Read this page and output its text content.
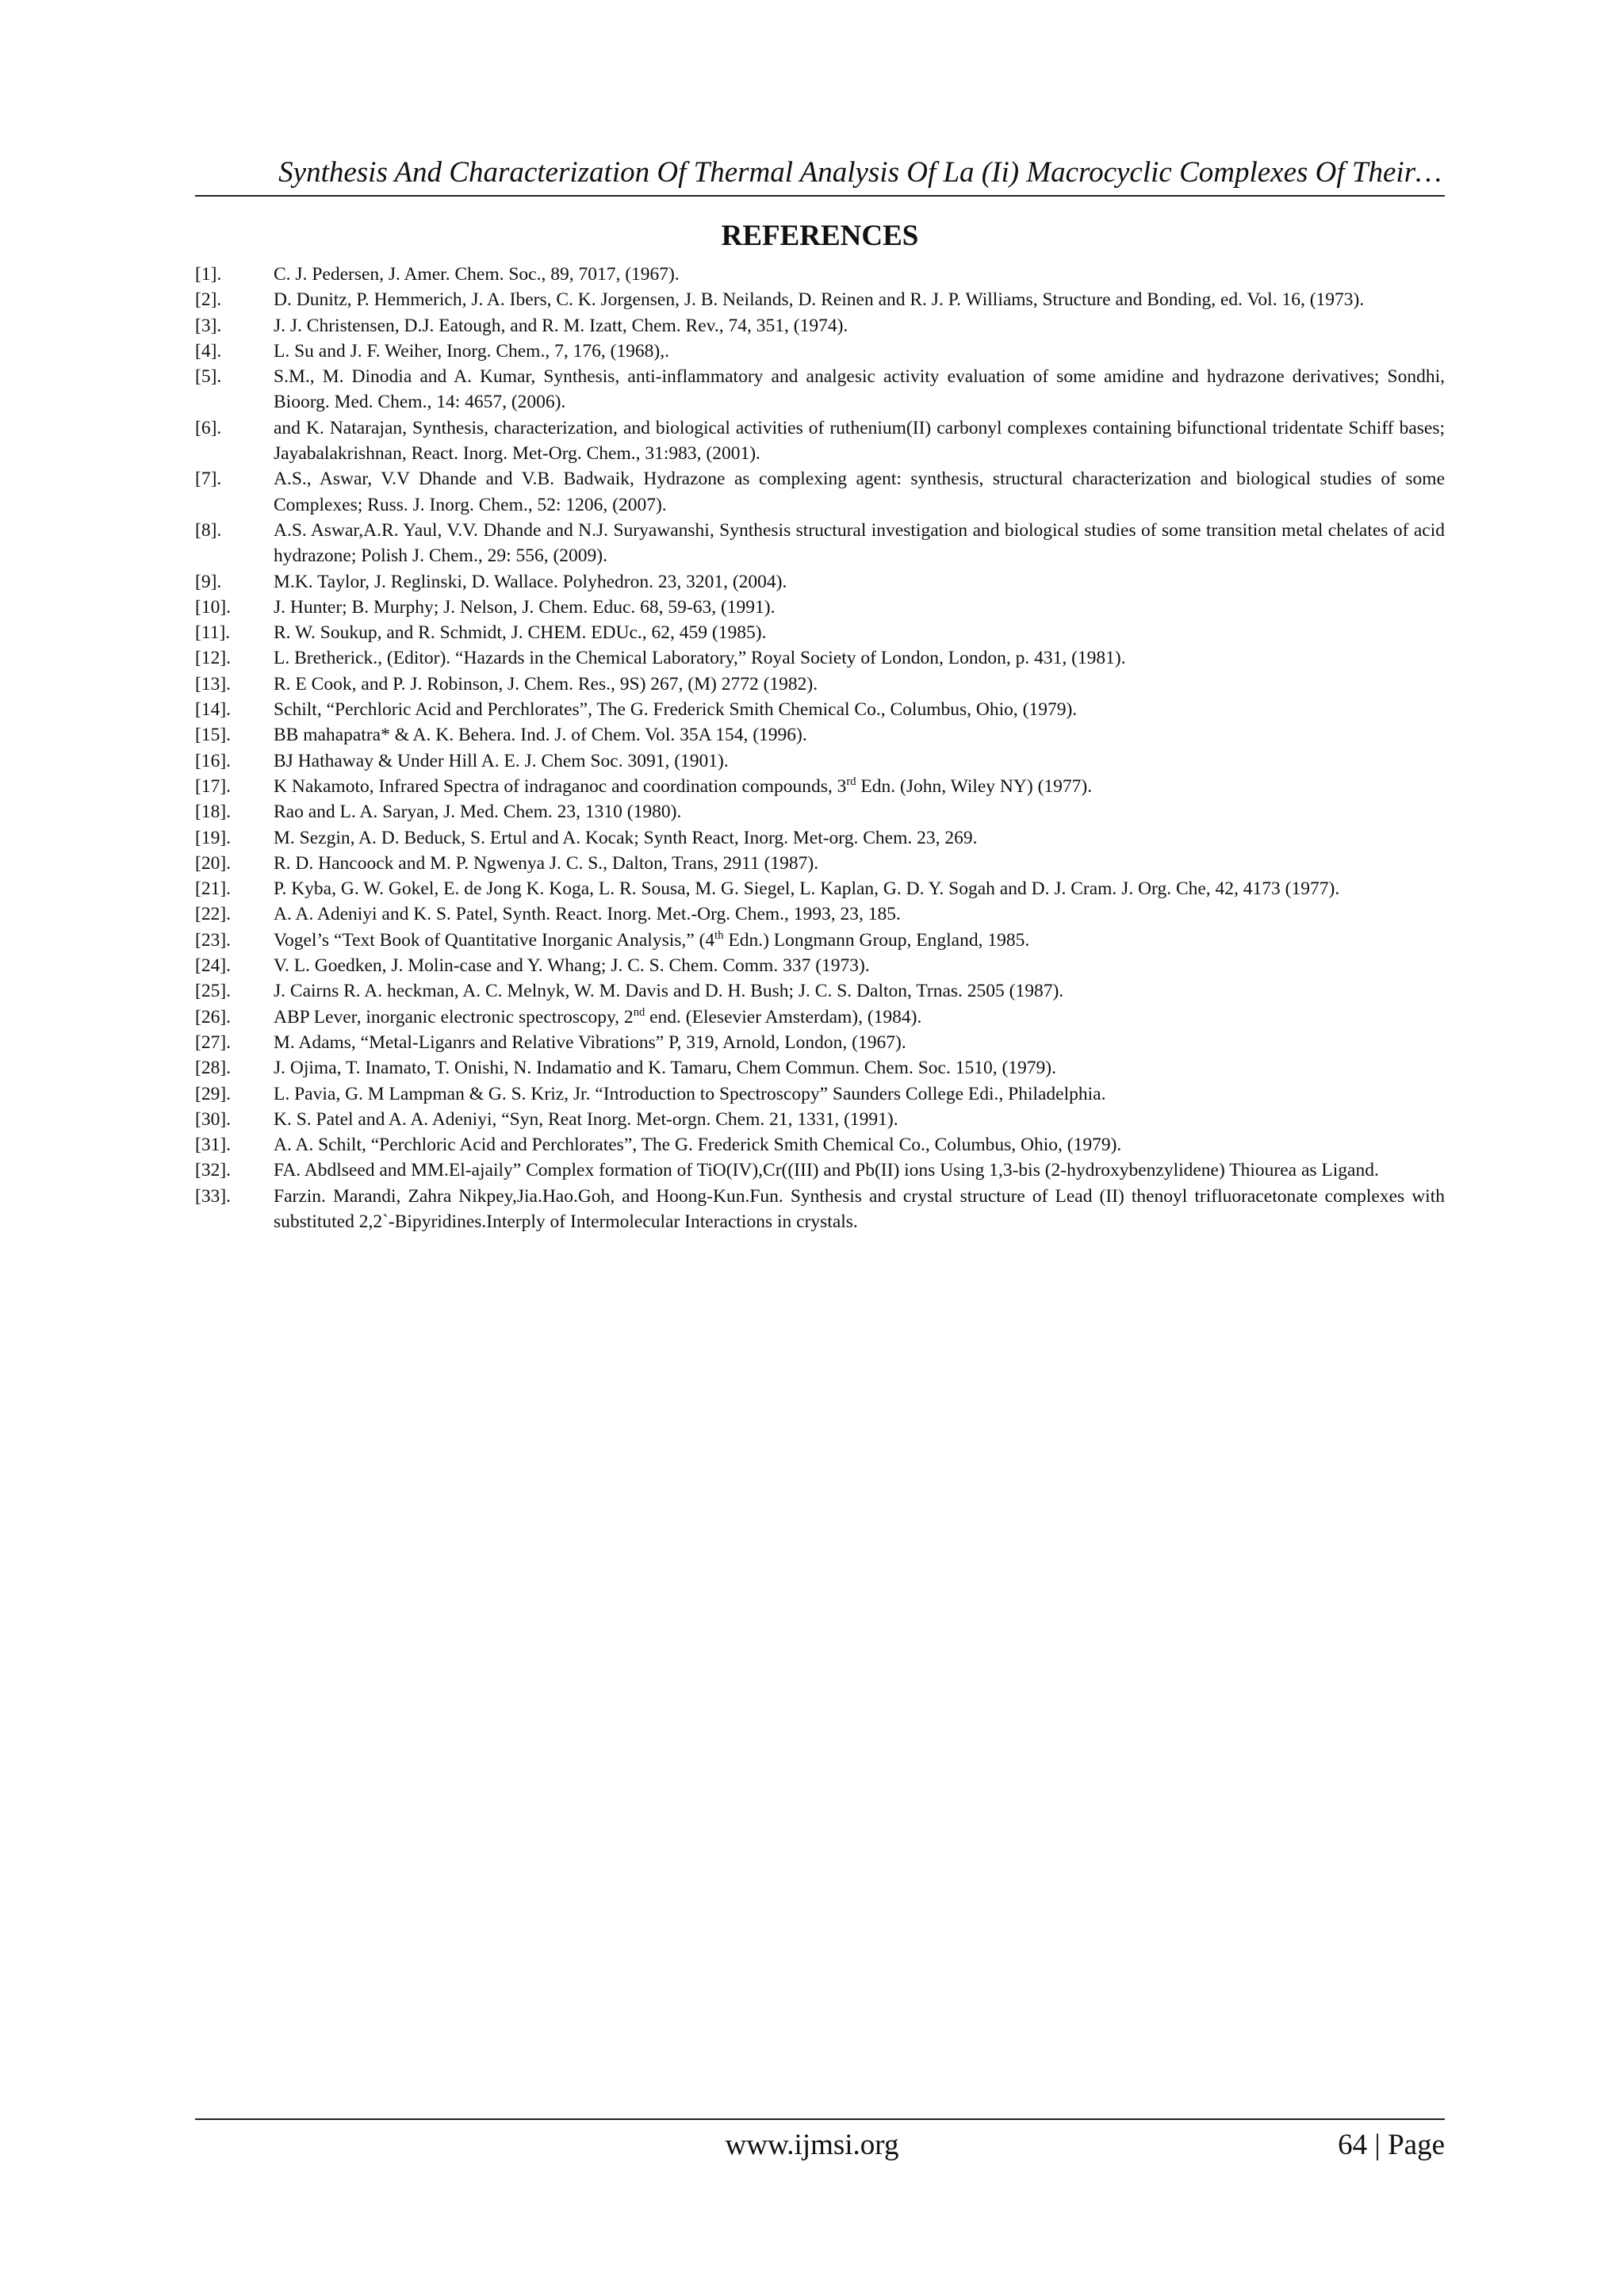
Synthesis And Characterization Of Thermal Analysis Of La (Ii) Macrocyclic Complexes Of Their…
REFERENCES
[1].	C. J. Pedersen, J. Amer. Chem. Soc., 89, 7017, (1967).
[2].	D. Dunitz, P. Hemmerich, J. A. Ibers, C. K. Jorgensen, J. B. Neilands, D. Reinen and R. J. P. Williams, Structure and Bonding, ed. Vol. 16, (1973).
[3].	J. J. Christensen, D.J. Eatough, and R. M. Izatt, Chem. Rev., 74, 351, (1974).
[4].	L. Su and J. F. Weiher, Inorg. Chem., 7, 176, (1968),.
[5].	S.M., M. Dinodia and A. Kumar, Synthesis, anti-inflammatory and analgesic activity evaluation of some amidine and hydrazone derivatives; Sondhi, Bioorg. Med. Chem., 14: 4657, (2006).
[6].	and K. Natarajan, Synthesis, characterization, and biological activities of ruthenium(II) carbonyl complexes containing bifunctional tridentate Schiff bases; Jayabalakrishnan, React. Inorg. Met-Org. Chem., 31:983, (2001).
[7].	A.S., Aswar, V.V Dhande and V.B. Badwaik, Hydrazone as complexing agent: synthesis, structural characterization and biological studies of some Complexes; Russ. J. Inorg. Chem., 52: 1206, (2007).
[8].	A.S. Aswar,A.R. Yaul, V.V. Dhande and N.J. Suryawanshi, Synthesis structural investigation and biological studies of some transition metal chelates of acid hydrazone; Polish J. Chem., 29: 556, (2009).
[9].	M.K. Taylor, J. Reglinski, D. Wallace. Polyhedron. 23, 3201, (2004).
[10]. J. Hunter; B. Murphy; J. Nelson, J. Chem. Educ. 68, 59-63, (1991).
[11]. R. W. Soukup, and R. Schmidt, J. CHEM. EDUc., 62, 459 (1985).
[12]. L. Bretherick., (Editor). “Hazards in the Chemical Laboratory,” Royal Society of London, London, p. 431, (1981).
[13]. R. E Cook, and P. J. Robinson, J. Chem. Res., 9S) 267, (M) 2772 (1982).
[14]. Schilt, “Perchloric Acid and Perchlorates”, The G. Frederick Smith Chemical Co., Columbus, Ohio, (1979).
[15]. BB mahapatra* & A. K. Behera. Ind. J. of Chem. Vol. 35A 154, (1996).
[16]. BJ Hathaway & Under Hill A. E. J. Chem Soc. 3091, (1901).
[17]. K Nakamoto, Infrared Spectra of indraganoc and coordination compounds, 3rd Edn. (John, Wiley NY) (1977).
[18]. Rao and L. A. Saryan, J. Med. Chem. 23, 1310 (1980).
[19]. M. Sezgin, A. D. Beduck, S. Ertul and A. Kocak; Synth React, Inorg. Met-org. Chem. 23, 269.
[20]. R. D. Hancoock and M. P. Ngwenya J. C. S., Dalton, Trans, 2911 (1987).
[21]. P. Kyba, G. W. Gokel, E. de Jong K. Koga, L. R. Sousa, M. G. Siegel, L. Kaplan, G. D. Y. Sogah and D. J. Cram. J. Org. Che, 42, 4173 (1977).
[22]. A. A. Adeniyi and K. S. Patel, Synth. React. Inorg. Met.-Org. Chem., 1993, 23, 185.
[23]. Vogel’s “Text Book of Quantitative Inorganic Analysis,” (4th Edn.) Longmann Group, England, 1985.
[24]. V. L. Goedken, J. Molin-case and Y. Whang; J. C. S. Chem. Comm. 337 (1973).
[25]. J. Cairns R. A. heckman, A. C. Melnyk, W. M. Davis and D. H. Bush; J. C. S. Dalton, Trnas. 2505 (1987).
[26]. ABP Lever, inorganic electronic spectroscopy, 2nd end. (Elesevier Amsterdam), (1984).
[27]. M. Adams, “Metal-Liganrs and Relative Vibrations” P, 319, Arnold, London, (1967).
[28]. J. Ojima, T. Inamato, T. Onishi, N. Indamatio and K. Tamaru, Chem Commun. Chem. Soc. 1510, (1979).
[29]. L. Pavia, G. M Lampman & G. S. Kriz, Jr. “Introduction to Spectroscopy” Saunders College Edi., Philadelphia.
[30]. K. S. Patel and A. A. Adeniyi, “Syn, Reat Inorg. Met-orgn. Chem. 21, 1331, (1991).
[31]. A. A. Schilt, “Perchloric Acid and Perchlorates”, The G. Frederick Smith Chemical Co., Columbus, Ohio, (1979).
[32]. FA. Abdlseed and MM.El-ajaily” Complex formation of TiO(IV),Cr((III) and Pb(II) ions Using 1,3-bis (2-hydroxybenzylidene) Thiourea as Ligand.
[33]. Farzin. Marandi, Zahra Nikpey,Jia.Hao.Goh, and Hoong-Kun.Fun. Synthesis and crystal structure of Lead (II) thenoyl trifluoracetonate complexes with substituted 2,2`-Bipyridines.Interply of Intermolecular Interactions in crystals.
www.ijmsi.org	64 | Page
